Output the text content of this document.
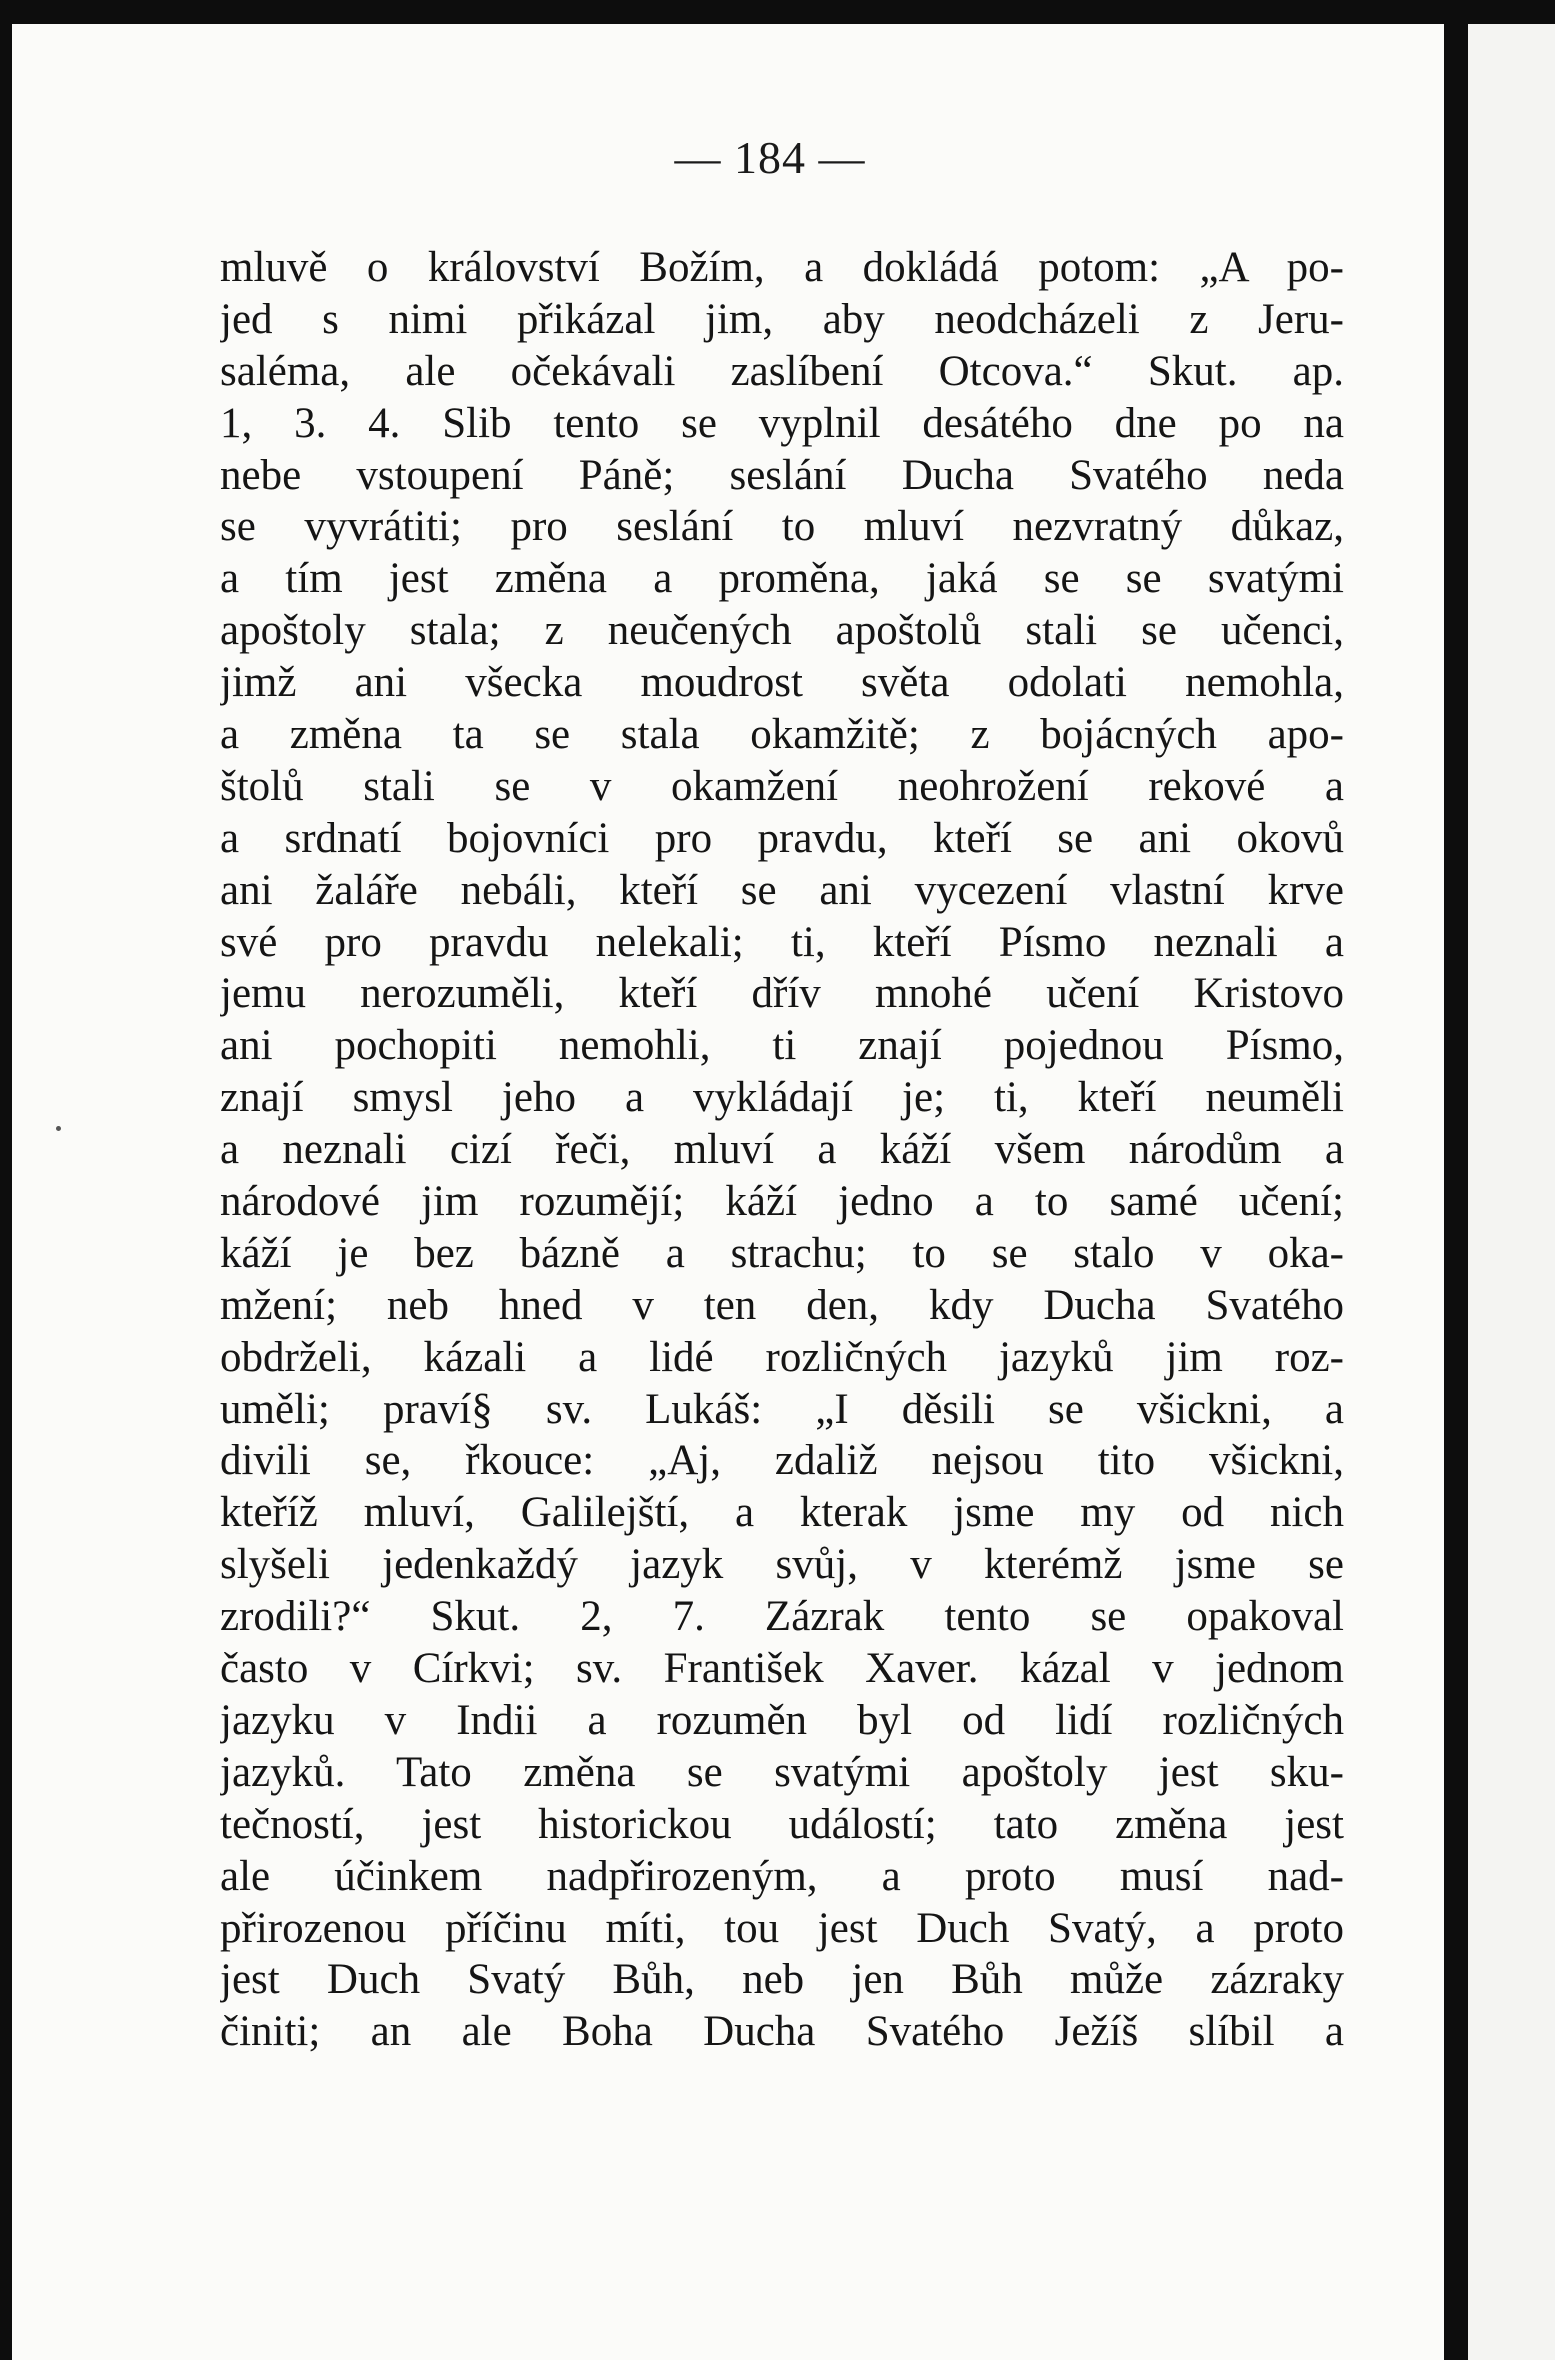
— 184 —
mluvě o království Božím, a dokládá potom: „A po-
jed s nimi přikázal jim, aby neodcházeli z Jeru-
saléma, ale očekávali zaslíbení Otcova.“ Skut. ap.
1, 3. 4. Slib tento se vyplnil desátého dne po na
nebe vstoupení Páně; seslání Ducha Svatého neda
se vyvrátiti; pro seslání to mluví nezvratný důkaz,
a tím jest změna a proměna, jaká se se svatými
apoštoly stala; z neučených apoštolů stali se učenci,
jimž ani všecka moudrost světa odolati nemohla,
a změna ta se stala okamžitě; z bojácných apo-
štolů stali se v okamžení neohrožení rekové a
a srdnatí bojovníci pro pravdu, kteří se ani okovů
ani žaláře nebáli, kteří se ani vycezení vlastní krve
své pro pravdu nelekali; ti, kteří Písmo neznali a
jemu nerozuměli, kteří dřív mnohé učení Kristovo
ani pochopiti nemohli, ti znají pojednou Písmo,
znají smysl jeho a vykládají je; ti, kteří neuměli
a neznali cizí řeči, mluví a káží všem národům a
národové jim rozumějí; káží jedno a to samé učení;
káží je bez bázně a strachu; to se stalo v oka-
mžení; neb hned v ten den, kdy Ducha Svatého
obdrželi, kázali a lidé rozličných jazyků jim roz-
uměli; praví§ sv. Lukáš: „I děsili se všickni, a
divili se, řkouce: „Aj, zdaliž nejsou tito všickni,
kteříž mluví, Galilejští, a kterak jsme my od nich
slyšeli jedenkaždý jazyk svůj, v kterémž jsme se
zrodili?“ Skut. 2, 7. Zázrak tento se opakoval
často v Církvi; sv. František Xaver. kázal v jednom
jazyku v Indii a rozuměn byl od lidí rozličných
jazyků. Tato změna se svatými apoštoly jest sku-
tečností, jest historickou událostí; tato změna jest
ale účinkem nadpřirozeným, a proto musí nad-
přirozenou příčinu míti, tou jest Duch Svatý, a proto
jest Duch Svatý Bůh, neb jen Bůh může zázraky
činiti; an ale Boha Ducha Svatého Ježíš slíbil a
